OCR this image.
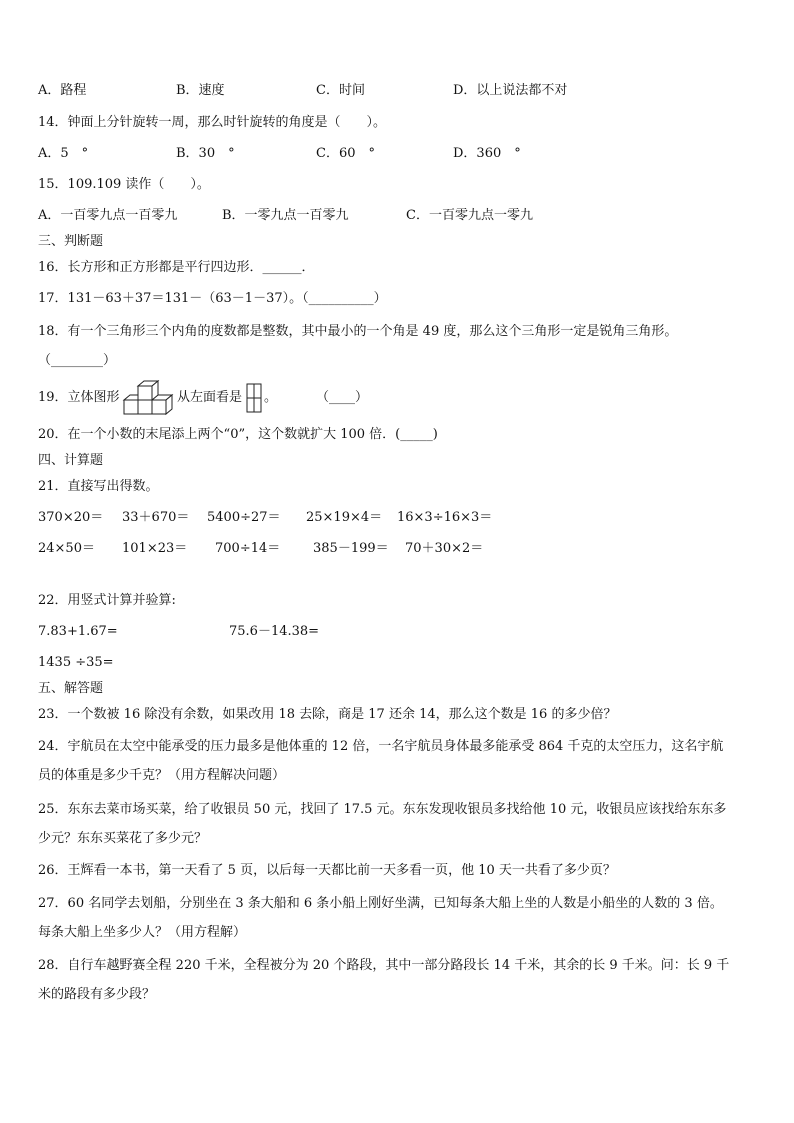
A．路程	B．速度	C．时间	D．以上说法都不对
14．钟面上分针旋转一周，那么时针旋转的角度是（　　）。
A．5　°	B．30　°	C．60　°	D．360　°
15．109.109 读作（　　）。
A．一百零九点一百零九	B．一零九点一百零九	C．一百零九点一零九
三、判断题
16．长方形和正方形都是平行四边形．______．
17．131－63＋37＝131－（63－1－37）。（__________）
18．有一个三角形三个内角的度数都是整数，其中最小的一个角是 49 度，那么这个三角形一定是锐角三角形。
（________）
19．立体图形	从左面看是 。	（____）
20．在一个小数的末尾添上两个“0”，这个数就扩大 100 倍．(_____)
四、计算题
21．直接写出得数。
370×20＝ 33＋670＝ 5400÷27＝ 25×19×4＝ 16×3÷16×3＝
24×50＝ 101×23＝ 700÷14＝	385－199＝ 70＋30×2＝
22．用竖式计算并验算:
7.83+1.67=	75.6－14.38=
1435 ÷35=
五、解答题
23．一个数被 16 除没有余数，如果改用 18 去除，商是 17 还余 14，那么这个数是 16 的多少倍？
24．宇航员在太空中能承受的压力最多是他体重的 12 倍，一名宇航员身体最多能承受 864 千克的太空压力，这名宇航
员的体重是多少千克？（用方程解决问题）
25．东东去菜市场买菜，给了收银员 50 元，找回了 17.5 元。东东发现收银员多找给他 10 元，收银员应该找给东东多
少元？东东买菜花了多少元？
26．王辉看一本书，第一天看了 5 页，以后每一天都比前一天多看一页，他 10 天一共看了多少页？
27．60 名同学去划船，分别坐在 3 条大船和 6 条小船上刚好坐满，已知每条大船上坐的人数是小船坐的人数的 3 倍。
每条大船上坐多少人？（用方程解）
28．自行车越野赛全程 220 千米，全程被分为 20 个路段，其中一部分路段长 14 千米，其余的长 9 千米。问：长 9 千
米的路段有多少段？
